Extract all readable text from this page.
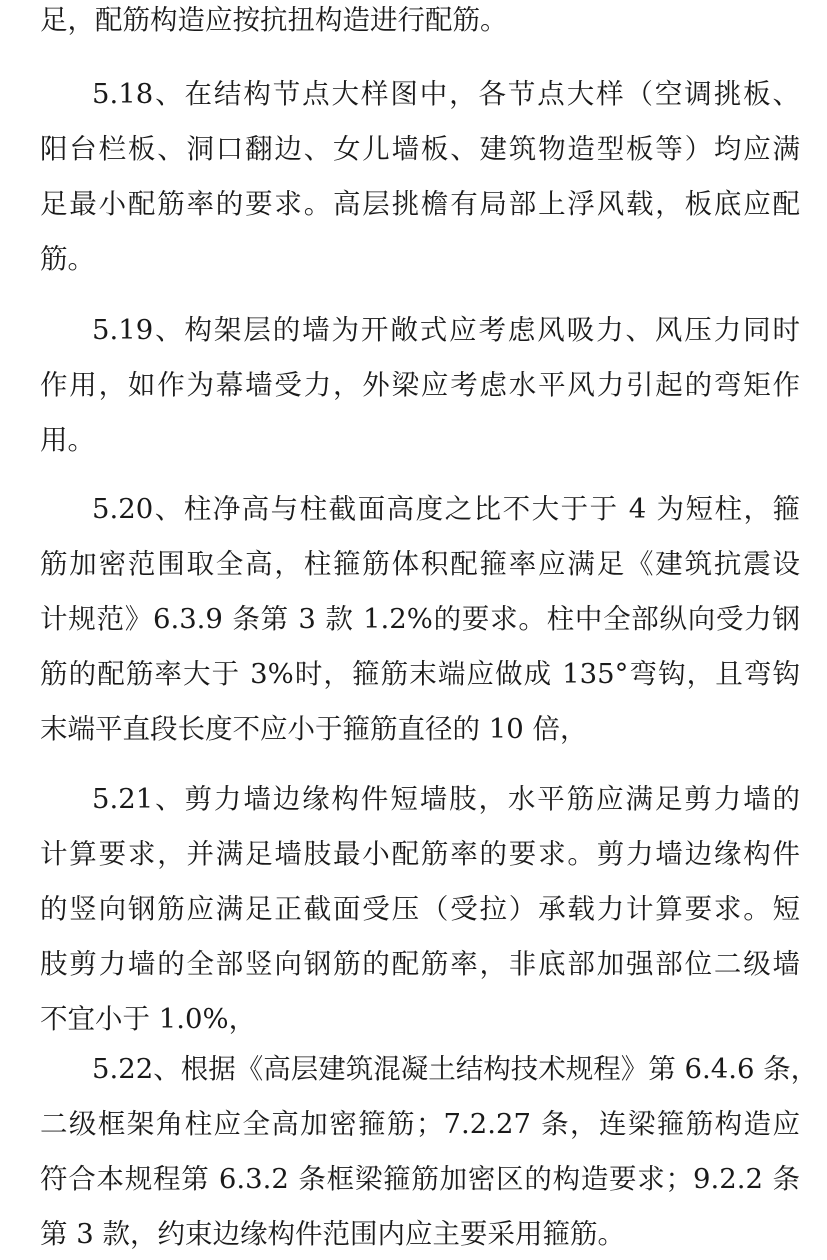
足，配筋构造应按抗扭构造进行配筋。
5.18、在结构节点大样图中，各节点大样（空调挑板、
阳台栏板、洞口翻边、女儿墙板、建筑物造型板等）均应满
足最小配筋率的要求。高层挑檐有局部上浮风载，板底应配
筋。
5.19、构架层的墙为开敞式应考虑风吸力、风压力同时
作用，如作为幕墙受力，外梁应考虑水平风力引起的弯矩作
用。
5.20、柱净高与柱截面高度之比不大于于 4 为短柱，箍
筋加密范围取全高，柱箍筋体积配箍率应满足《建筑抗震设
计规范》6.3.9 条第 3 款 1.2%的要求。柱中全部纵向受力钢
筋的配筋率大于 3%时，箍筋末端应做成 135°弯钩，且弯钩
末端平直段长度不应小于箍筋直径的 10 倍，
5.21、剪力墙边缘构件短墙肢，水平筋应满足剪力墙的
计算要求，并满足墙肢最小配筋率的要求。剪力墙边缘构件
的竖向钢筋应满足正截面受压（受拉）承载力计算要求。短
肢剪力墙的全部竖向钢筋的配筋率，非底部加强部位二级墙
不宜小于 1.0%，
5.22、根据《高层建筑混凝土结构技术规程》第 6.4.6 条，
二级框架角柱应全高加密箍筋；7.2.27 条，连梁箍筋构造应
符合本规程第 6.3.2 条框梁箍筋加密区的构造要求；9.2.2 条
第 3 款，约束边缘构件范围内应主要采用箍筋。
